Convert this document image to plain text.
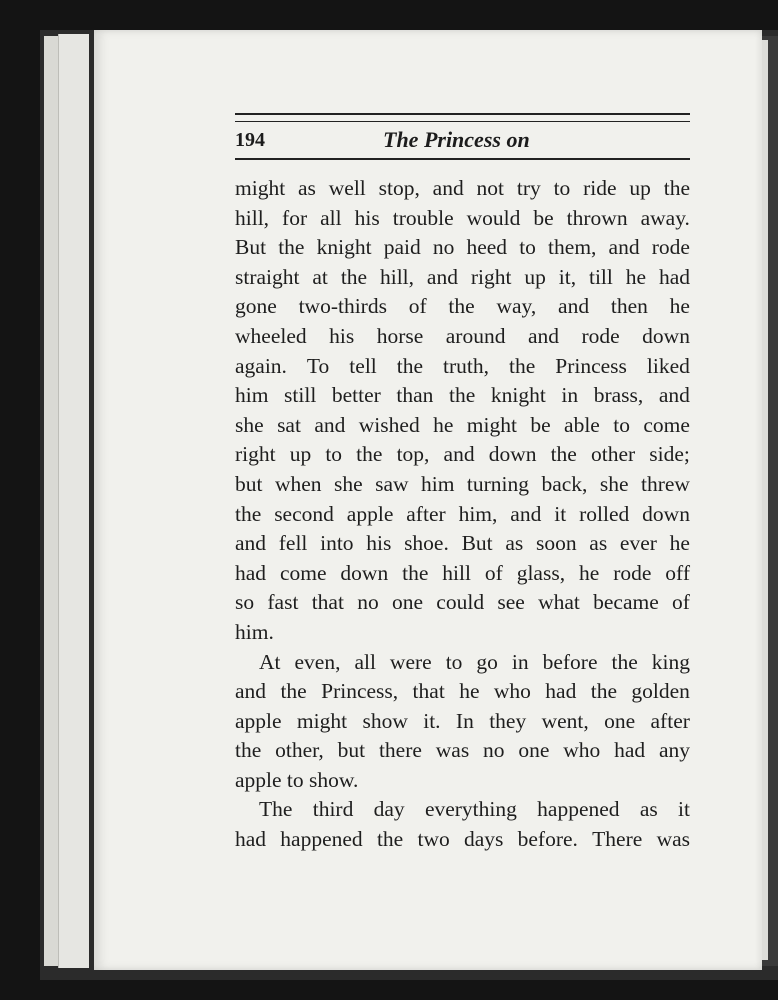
194	The Princess on
might as well stop, and not try to ride up the
hill, for all his trouble would be thrown away.
But the knight paid no heed to them, and rode
straight at the hill, and right up it, till he had
gone two-thirds of the way, and then he
wheeled his horse around and rode down
again. To tell the truth, the Princess liked
him still better than the knight in brass, and
she sat and wished he might be able to come
right up to the top, and down the other side;
but when she saw him turning back, she threw
the second apple after him, and it rolled down
and fell into his shoe. But as soon as ever he
had come down the hill of glass, he rode off
so fast that no one could see what became of
him.
At even, all were to go in before the king
and the Princess, that he who had the golden
apple might show it. In they went, one after
the other, but there was no one who had any
apple to show.
The third day everything happened as it
had happened the two days before. There was
